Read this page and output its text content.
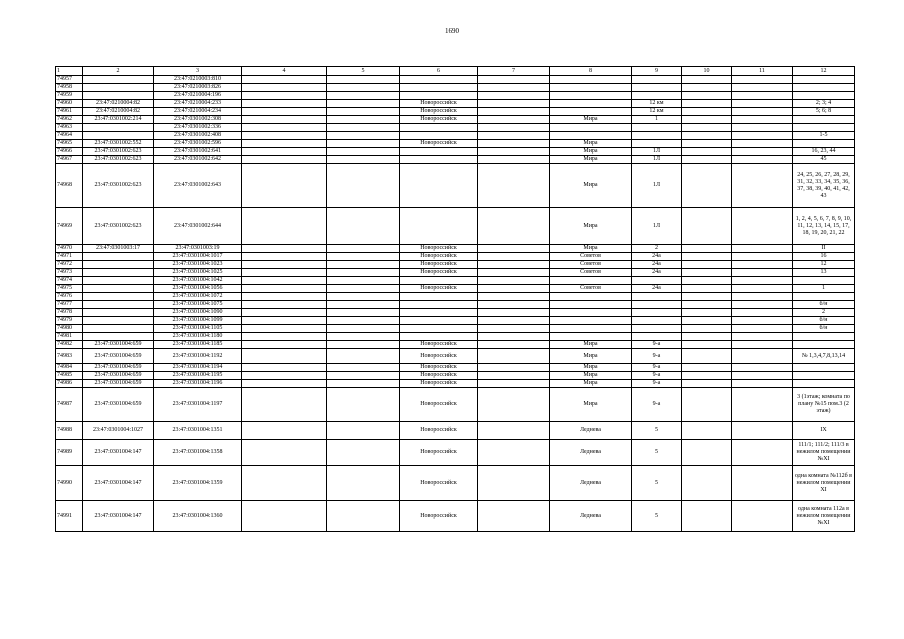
1690
1	2	3	4	5	6	7	8	9	10	11	12
74957		23:47:0210003:810									
74958		23:47:0210003:826									
74959		23:47:0210004:196									
74960	23:47:0210004:82	23:47:0210004:233			Новороссийск			12 км			2; 3; 4
74961	23:47:0210004:82	23:47:0210004:234			Новороссийск			12 км			5; 6; 8
74962	23:47:0301002:214	23:47:0301002:308			Новороссийск		Мира	1			
74963		23:47:0301002:336									
74964		23:47:0301002:408									1-5
74965	23:47:0301002:552	23:47:0301002:596			Новороссийск		Мира				
74966	23:47:0301002:623	23:47:0301002:641					Мира	1Л			16, 23, 44
74967	23:47:0301002:623	23:47:0301002:642					Мира	1Л			45
74968	23:47:0301002:623	23:47:0301002:643					Мира	1Л			24, 25, 26, 27, 28, 29, 31, 32, 33, 34, 35, 36, 37, 38, 39, 40, 41, 42, 43
74969	23:47:0301002:623	23:47:0301002:644					Мира	1Л			1, 2, 4, 5, 6, 7, 8, 9, 10, 11, 12, 13, 14, 15, 17, 18, 19, 20, 21, 22
74970	23:47:0301003:17	23:47:0301003:19			Новороссийск		Мира	2			II
74971		23:47:0301004:1017			Новороссийск		Советов	24а			16
74972		23:47:0301004:1023			Новороссийск		Советов	24а			12
74973		23:47:0301004:1025			Новороссийск		Советов	24а			13
74974		23:47:0301004:1042									
74975		23:47:0301004:1056			Новороссийск		Советов	24а			1
74976		23:47:0301004:1072									
74977		23:47:0301004:1075									б/н
74978		23:47:0301004:1090									2
74979		23:47:0301004:1099									б/н
74980		23:47:0301004:1105									б/н
74981		23:47:0301004:1180									
74982	23:47:0301004:659	23:47:0301004:1185			Новороссийск		Мира	9-а			
74983	23:47:0301004:659	23:47:0301004:1192			Новороссийск		Мира	9-а			№ 1,3,4,7,8,13,14
74984	23:47:0301004:659	23:47:0301004:1194			Новороссийск		Мира	9-а			
74985	23:47:0301004:659	23:47:0301004:1195			Новороссийск		Мира	9-а			
74986	23:47:0301004:659	23:47:0301004:1196			Новороссийск		Мира	9-а			
74987	23:47:0301004:659	23:47:0301004:1197			Новороссийск		Мира	9-а			3 (1этаж; комната по плану №15 пом.3 (2 этаж)
74988	23:47:0301004:1027	23:47:0301004:1351			Новороссийск		Леднева	5			IX
74989	23:47:0301004:147	23:47:0301004:1358			Новороссийск		Леднева	5			111/1; 111/2; 111/3 в нежилом помещении №XI
74990	23:47:0301004:147	23:47:0301004:1359			Новороссийск		Леднева	5			одна комната №112б в нежилом помещении XI
74991	23:47:0301004:147	23:47:0301004:1360			Новороссийск		Леднева	5			одна комната 112а в нежилом помещении №XI
